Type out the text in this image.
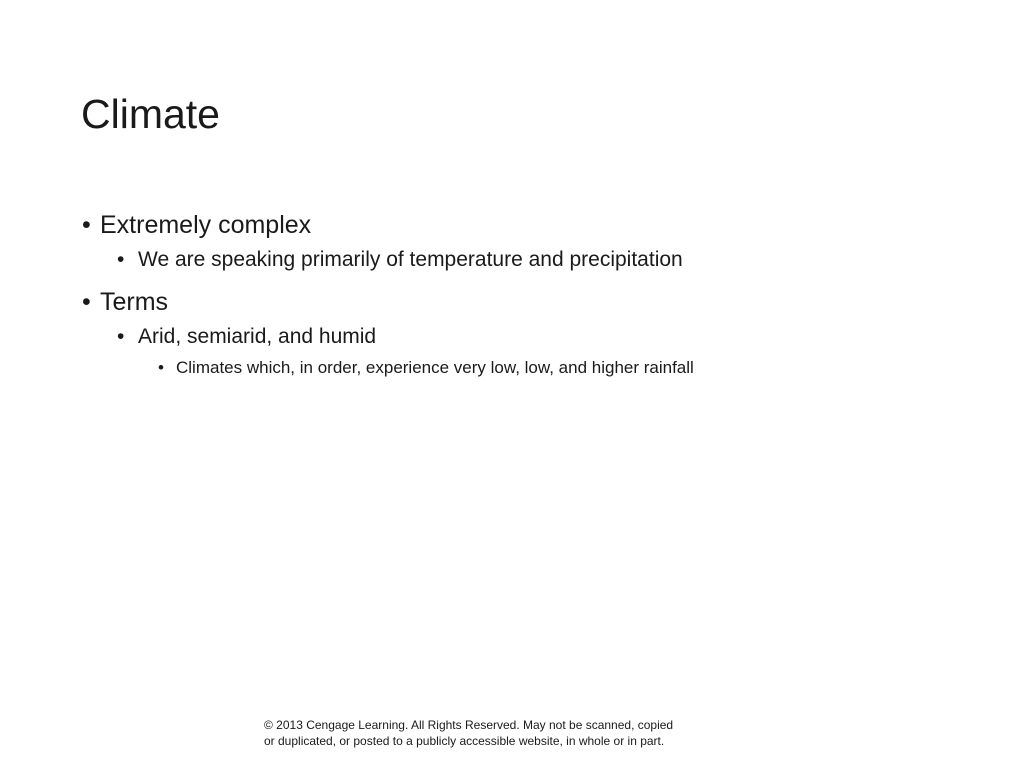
Climate
• Extremely complex
• We are speaking primarily of temperature and precipitation
• Terms
• Arid, semiarid, and humid
• Climates which, in order, experience very low, low, and higher rainfall
© 2013 Cengage Learning. All Rights Reserved. May not be scanned, copied
or duplicated, or posted to a publicly accessible website, in whole or in part.
